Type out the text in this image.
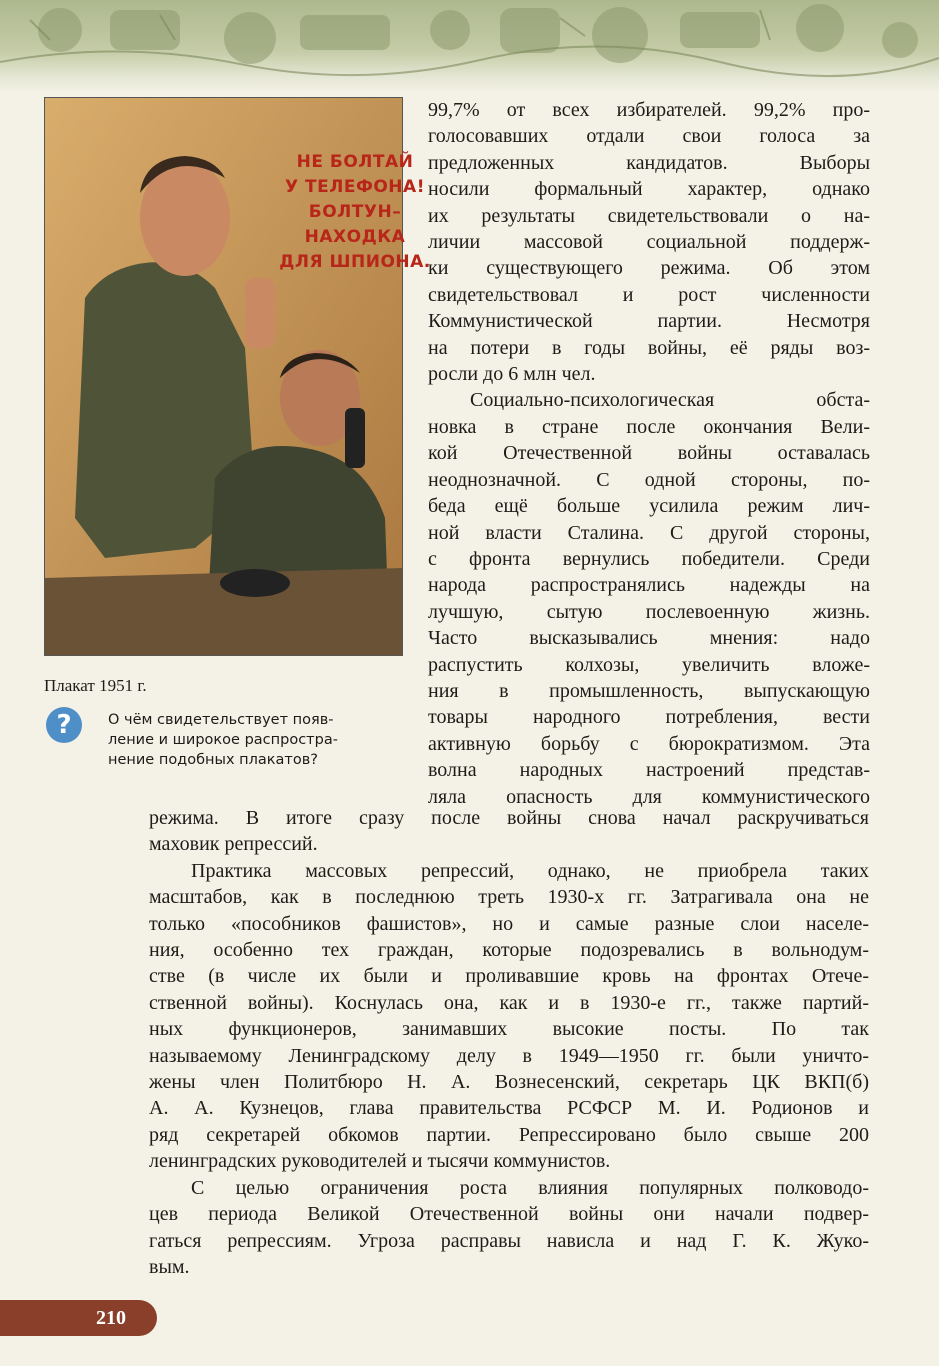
НЕ БОЛТАЙ
У ТЕЛЕФОНА!
БОЛТУН–НАХОДКА
ДЛЯ ШПИОНА.
Плакат 1951 г.
?	О чём свидетельствует появ-
ление и широкое распростра-
нение подобных плакатов?
99,7% от всех избирателей. 99,2% про-
голосовавших отдали свои голоса за
предложенных кандидатов. Выборы
носили формальный характер, однако
их результаты свидетельствовали о на-
личии массовой социальной поддерж-
ки существующего режима. Об этом
свидетельствовал и рост численности
Коммунистической партии. Несмотря
на потери в годы войны, её ряды воз-
росли до 6 млн чел.
Социально-психологическая обста-
новка в стране после окончания Вели-
кой Отечественной войны оставалась
неоднозначной. С одной стороны, по-
беда ещё больше усилила режим лич-
ной власти Сталина. С другой стороны,
с фронта вернулись победители. Среди
народа распространялись надежды на
лучшую, сытую послевоенную жизнь.
Часто высказывались мнения: надо
распустить колхозы, увеличить вложе-
ния в промышленность, выпускающую
товары народного потребления, вести
активную борьбу с бюрократизмом. Эта
волна народных настроений представ-
ляла опасность для коммунистического
режима. В итоге сразу после войны снова начал раскручиваться
маховик репрессий.
Практика массовых репрессий, однако, не приобрела таких
масштабов, как в последнюю треть 1930-х гг. Затрагивала она не
только «пособников фашистов», но и самые разные слои населе-
ния, особенно тех граждан, которые подозревались в вольнодум-
стве (в числе их были и проливавшие кровь на фронтах Отече-
ственной войны). Коснулась она, как и в 1930-е гг., также партий-
ных функционеров, занимавших высокие посты. По так
называемому Ленинградскому делу в 1949—1950 гг. были уничто-
жены член Политбюро Н. А. Вознесенский, секретарь ЦК ВКП(б)
А. А. Кузнецов, глава правительства РСФСР М. И. Родионов и
ряд секретарей обкомов партии. Репрессировано было свыше 200
ленинградских руководителей и тысячи коммунистов.
С целью ограничения роста влияния популярных полководо-
цев периода Великой Отечественной войны они начали подвер-
гаться репрессиям. Угроза расправы нависла и над Г. К. Жуко-
вым.
210
